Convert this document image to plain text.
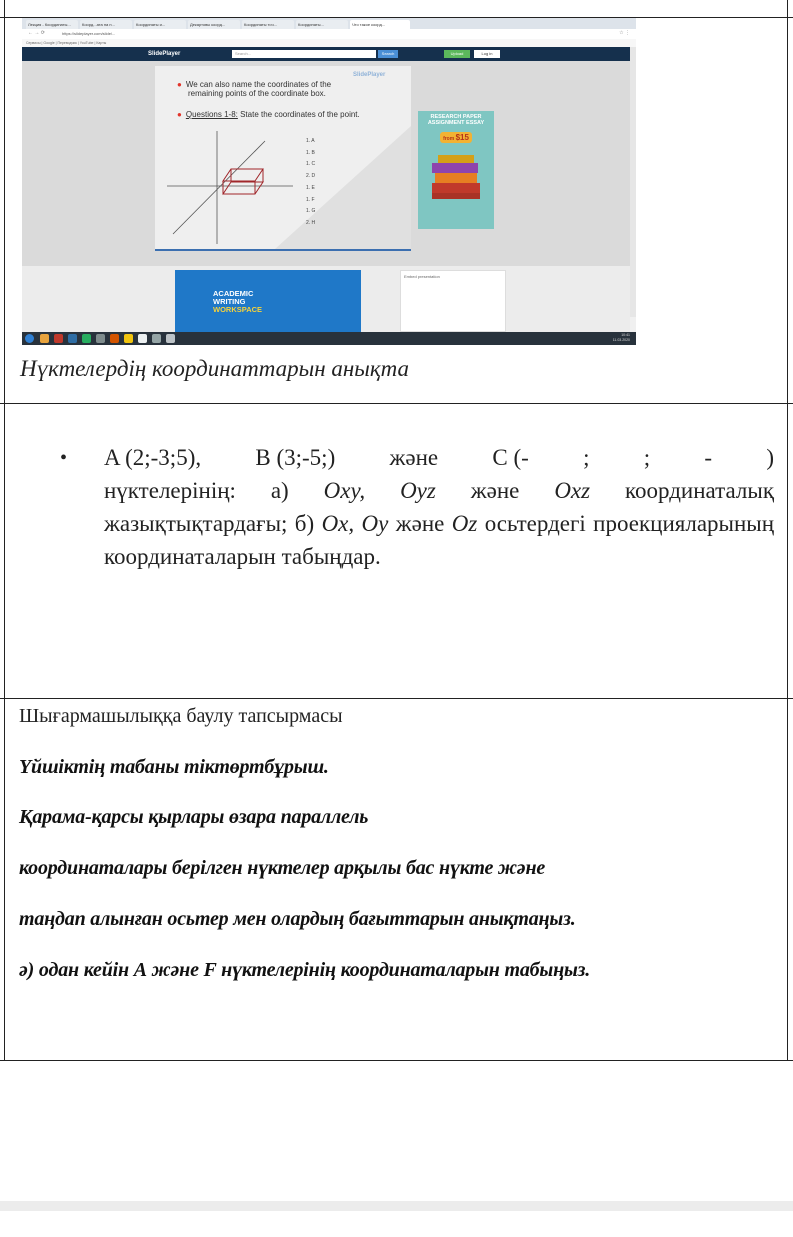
Лекция - Координаты...	Коорд...ата на п...	Координаты и...	Декартовы коорд...	Координаты точ...	Координаты...	Что такое коорд...
← → ⟳	https://slideplayer.com/slide/...	☆ ⋮
Сервисы | Google | Переводчик | YouTube | Карты
SlidePlayer	Search...	Search	Upload	Log in
SlidePlayer
● We can also name the coordinates of the
remaining points of the coordinate box.
● Questions 1-8: State the coordinates of the point.
1. A
1. B
1. C
2. D
1. E
1. F
1. G
2. H
RESEARCH PAPER ASSIGNMENT ESSAY
from $15
ACADEMIC
WRITING
WORKSPACE
Embed presentation
10:41
11.03.2020
Нүктелердің координаттарын анықта
• A (2;-3;5), B (3;-5;) және C (- ; ; - )
нүктелерінің: а) Oxy, Oyz және Oxz координаталық жазықтықтардағы; б) Ox, Oy және Oz осьтердегі проекцияларының координаталарын табыңдар.
Шығармашылыққа баулу тапсырмасы
Үйшіктің табаны тіктөртбұрыш.
Қарама-қарсы қырлары өзара параллель
координаталары берілген нүктелер арқылы бас нүкте және
таңдап алынған осьтер мен олардың бағыттарын анықтаңыз.
ә) одан кейін А және F нүктелерінің координаталарын табыңыз.
